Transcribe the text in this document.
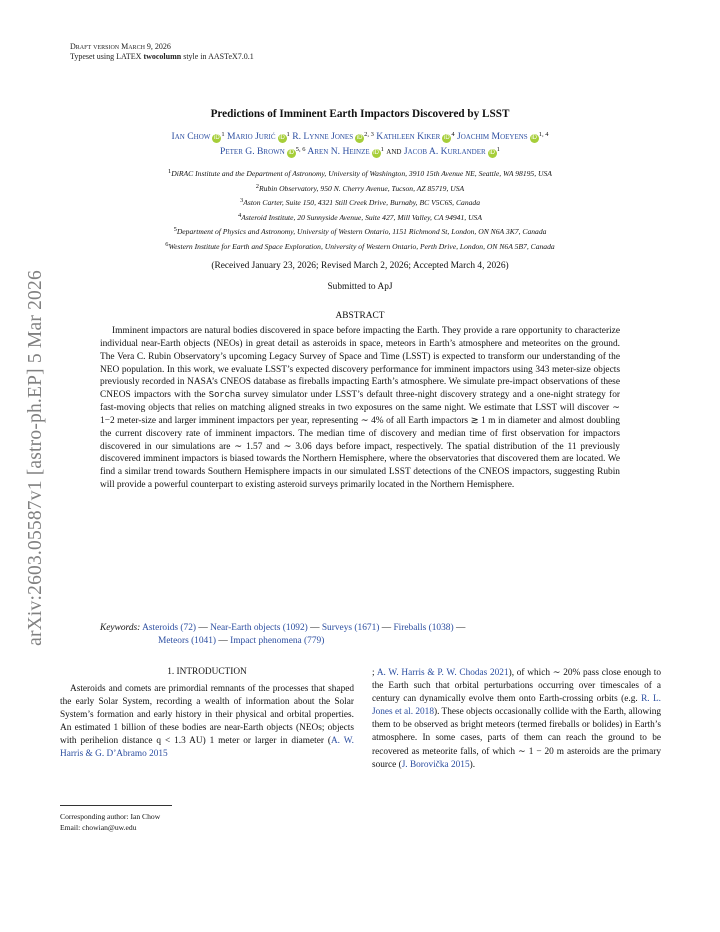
arXiv:2603.05587v1 [astro-ph.EP] 5 Mar 2026
Draft version March 9, 2026
Typeset using LATEX twocolumn style in AASTeX7.0.1
Predictions of Imminent Earth Impactors Discovered by LSST
Ian Chow iD $^1$ Mario Jurić iD $^1$ R. Lynne Jones iD $^{2, 3}$ Kathleen Kiker iD $^4$ Joachim Moeyens iD $^{1, 4}$
Peter G. Brown iD $^{5, 6}$ Aren N. Heinze iD $^1$ and Jacob A. Kurlander iD $^1$
1DiRAC Institute and the Department of Astronomy, University of Washington, 3910 15th Avenue NE, Seattle, WA 98195, USA
2Rubin Observatory, 950 N. Cherry Avenue, Tucson, AZ 85719, USA
3Aston Carter, Suite 150, 4321 Still Creek Drive, Burnaby, BC V5C6S, Canada
4Asteroid Institute, 20 Sunnyside Avenue, Suite 427, Mill Valley, CA 94941, USA
5Department of Physics and Astronomy, University of Western Ontario, 1151 Richmond St, London, ON N6A 3K7, Canada
6Western Institute for Earth and Space Exploration, University of Western Ontario, Perth Drive, London, ON N6A 5B7, Canada
(Received January 23, 2026; Revised March 2, 2026; Accepted March 4, 2026)
Submitted to ApJ
ABSTRACT
Imminent impactors are natural bodies discovered in space before impacting the Earth. They provide a rare opportunity to characterize individual near-Earth objects (NEOs) in great detail as asteroids in space, meteors in Earth’s atmosphere and meteorites on the ground. The Vera C. Rubin Observatory’s upcoming Legacy Survey of Space and Time (LSST) is expected to transform our understanding of the NEO population. In this work, we evaluate LSST’s expected discovery performance for imminent impactors using 343 meter-size objects previously recorded in NASA’s CNEOS database as fireballs impacting Earth’s atmosphere. We simulate pre-impact observations of these CNEOS impactors with the Sorcha survey simulator under LSST’s default three-night discovery strategy and a one-night strategy for fast-moving objects that relies on matching aligned streaks in two exposures on the same night. We estimate that LSST will discover ∼ 1−2 meter-size and larger imminent impactors per year, representing ∼ 4% of all Earth impactors ≳ 1 m in diameter and almost doubling the current discovery rate of imminent impactors. The median time of discovery and median time of first observation for impactors discovered in our simulations are ∼ 1.57 and ∼ 3.06 days before impact, respectively. The spatial distribution of the 11 previously discovered imminent impactors is biased towards the Northern Hemisphere, where the observatories that discovered them are located. We find a similar trend towards Southern Hemisphere impacts in our simulated LSST detections of the CNEOS impactors, suggesting Rubin will provide a powerful counterpart to existing asteroid surveys primarily located in the Northern Hemisphere.
Keywords: Asteroids (72) — Near-Earth objects (1092) — Surveys (1671) — Fireballs (1038) —
Meteors (1041) — Impact phenomena (779)
1. INTRODUCTION
Asteroids and comets are primordial remnants of the processes that shaped the early Solar System, recording a wealth of information about the Solar System’s formation and early history in their physical and orbital properties. An estimated 1 billion of these bodies are near-Earth objects (NEOs; objects with perihelion distance q < 1.3 AU) 1 meter or larger in diameter (A. W. Harris & G. D’Abramo 2015
; A. W. Harris & P. W. Chodas 2021), of which ∼ 20% pass close enough to the Earth such that orbital perturbations occurring over timescales of a century can dynamically evolve them onto Earth-crossing orbits (e.g. R. L. Jones et al. 2018). These objects occasionally collide with the Earth, allowing them to be observed as bright meteors (termed fireballs or bolides) in Earth’s atmosphere. In some cases, parts of them can reach the ground to be recovered as meteorite falls, of which ∼ 1 − 20 m asteroids are the primary source (J. Borovička 2015).
Corresponding author: Ian Chow
Email: chowian@uw.edu
